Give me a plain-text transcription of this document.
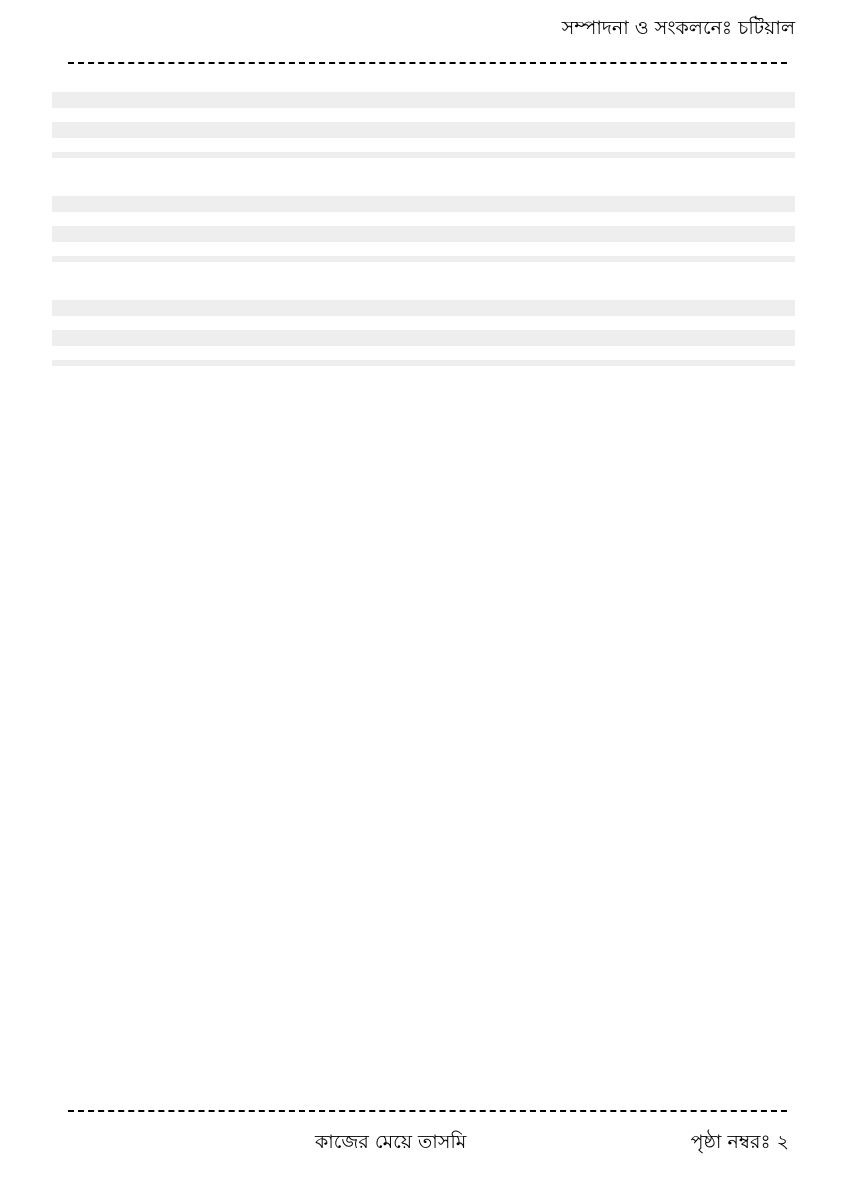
সম্পাদনা ও সংকলনেঃ চটিয়াল
কাজের মেয়ে তাসমি	পৃষ্ঠা নম্বরঃ ২
